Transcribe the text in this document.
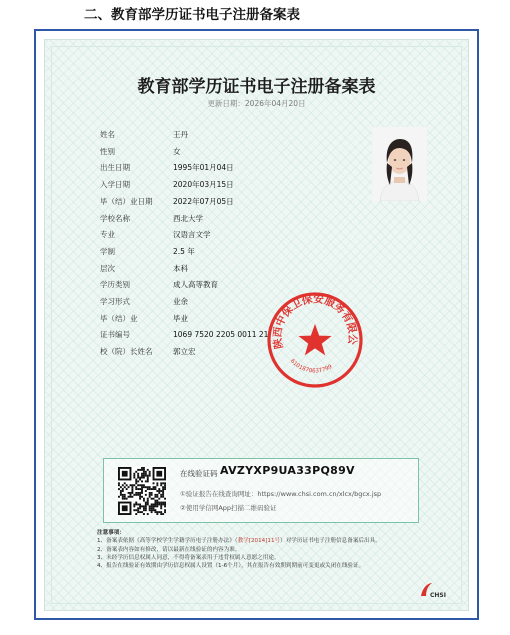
二、教育部学历证书电子注册备案表
教育部学历证书电子注册备案表
更新日期：2026年04月20日
姓名	王丹
性别	女
出生日期	1995年01月04日
入学日期	2020年03月15日
毕（结）业日期	2022年07月05日
学校名称	西北大学
专业	汉语言文学
学制	2.5 年
层次	本科
学历类别	成人高等教育
学习形式	业余
毕（结）业	毕业
证书编号	1069 7520 2205 0011 21
校（院）长姓名	郭立宏
陕西中保卫保安服务有限公
6101870637799
在线验证码 AVZYXP9UA33PQ89V
①验证报告在线查询网址：https://www.chsi.com.cn/xlcx/bgcx.jsp
②使用学信网App扫描二维码验证
注意事项：
1、备案表依据《高等学校学生学籍学历电子注册办法》（教学[2014]11号）对学历证书电子注册信息备案后出具。
2、备案表内容如有修改，请以最新在线验证的内容为准。
3、未经学历信息权属人同意，不得将备案表用于违背权属人意愿之用途。
4、报告在线验证有效期由学历信息权属人设置（1-6个月），其在报告有效期到期前可变更或关闭在线验证。
CHSI
